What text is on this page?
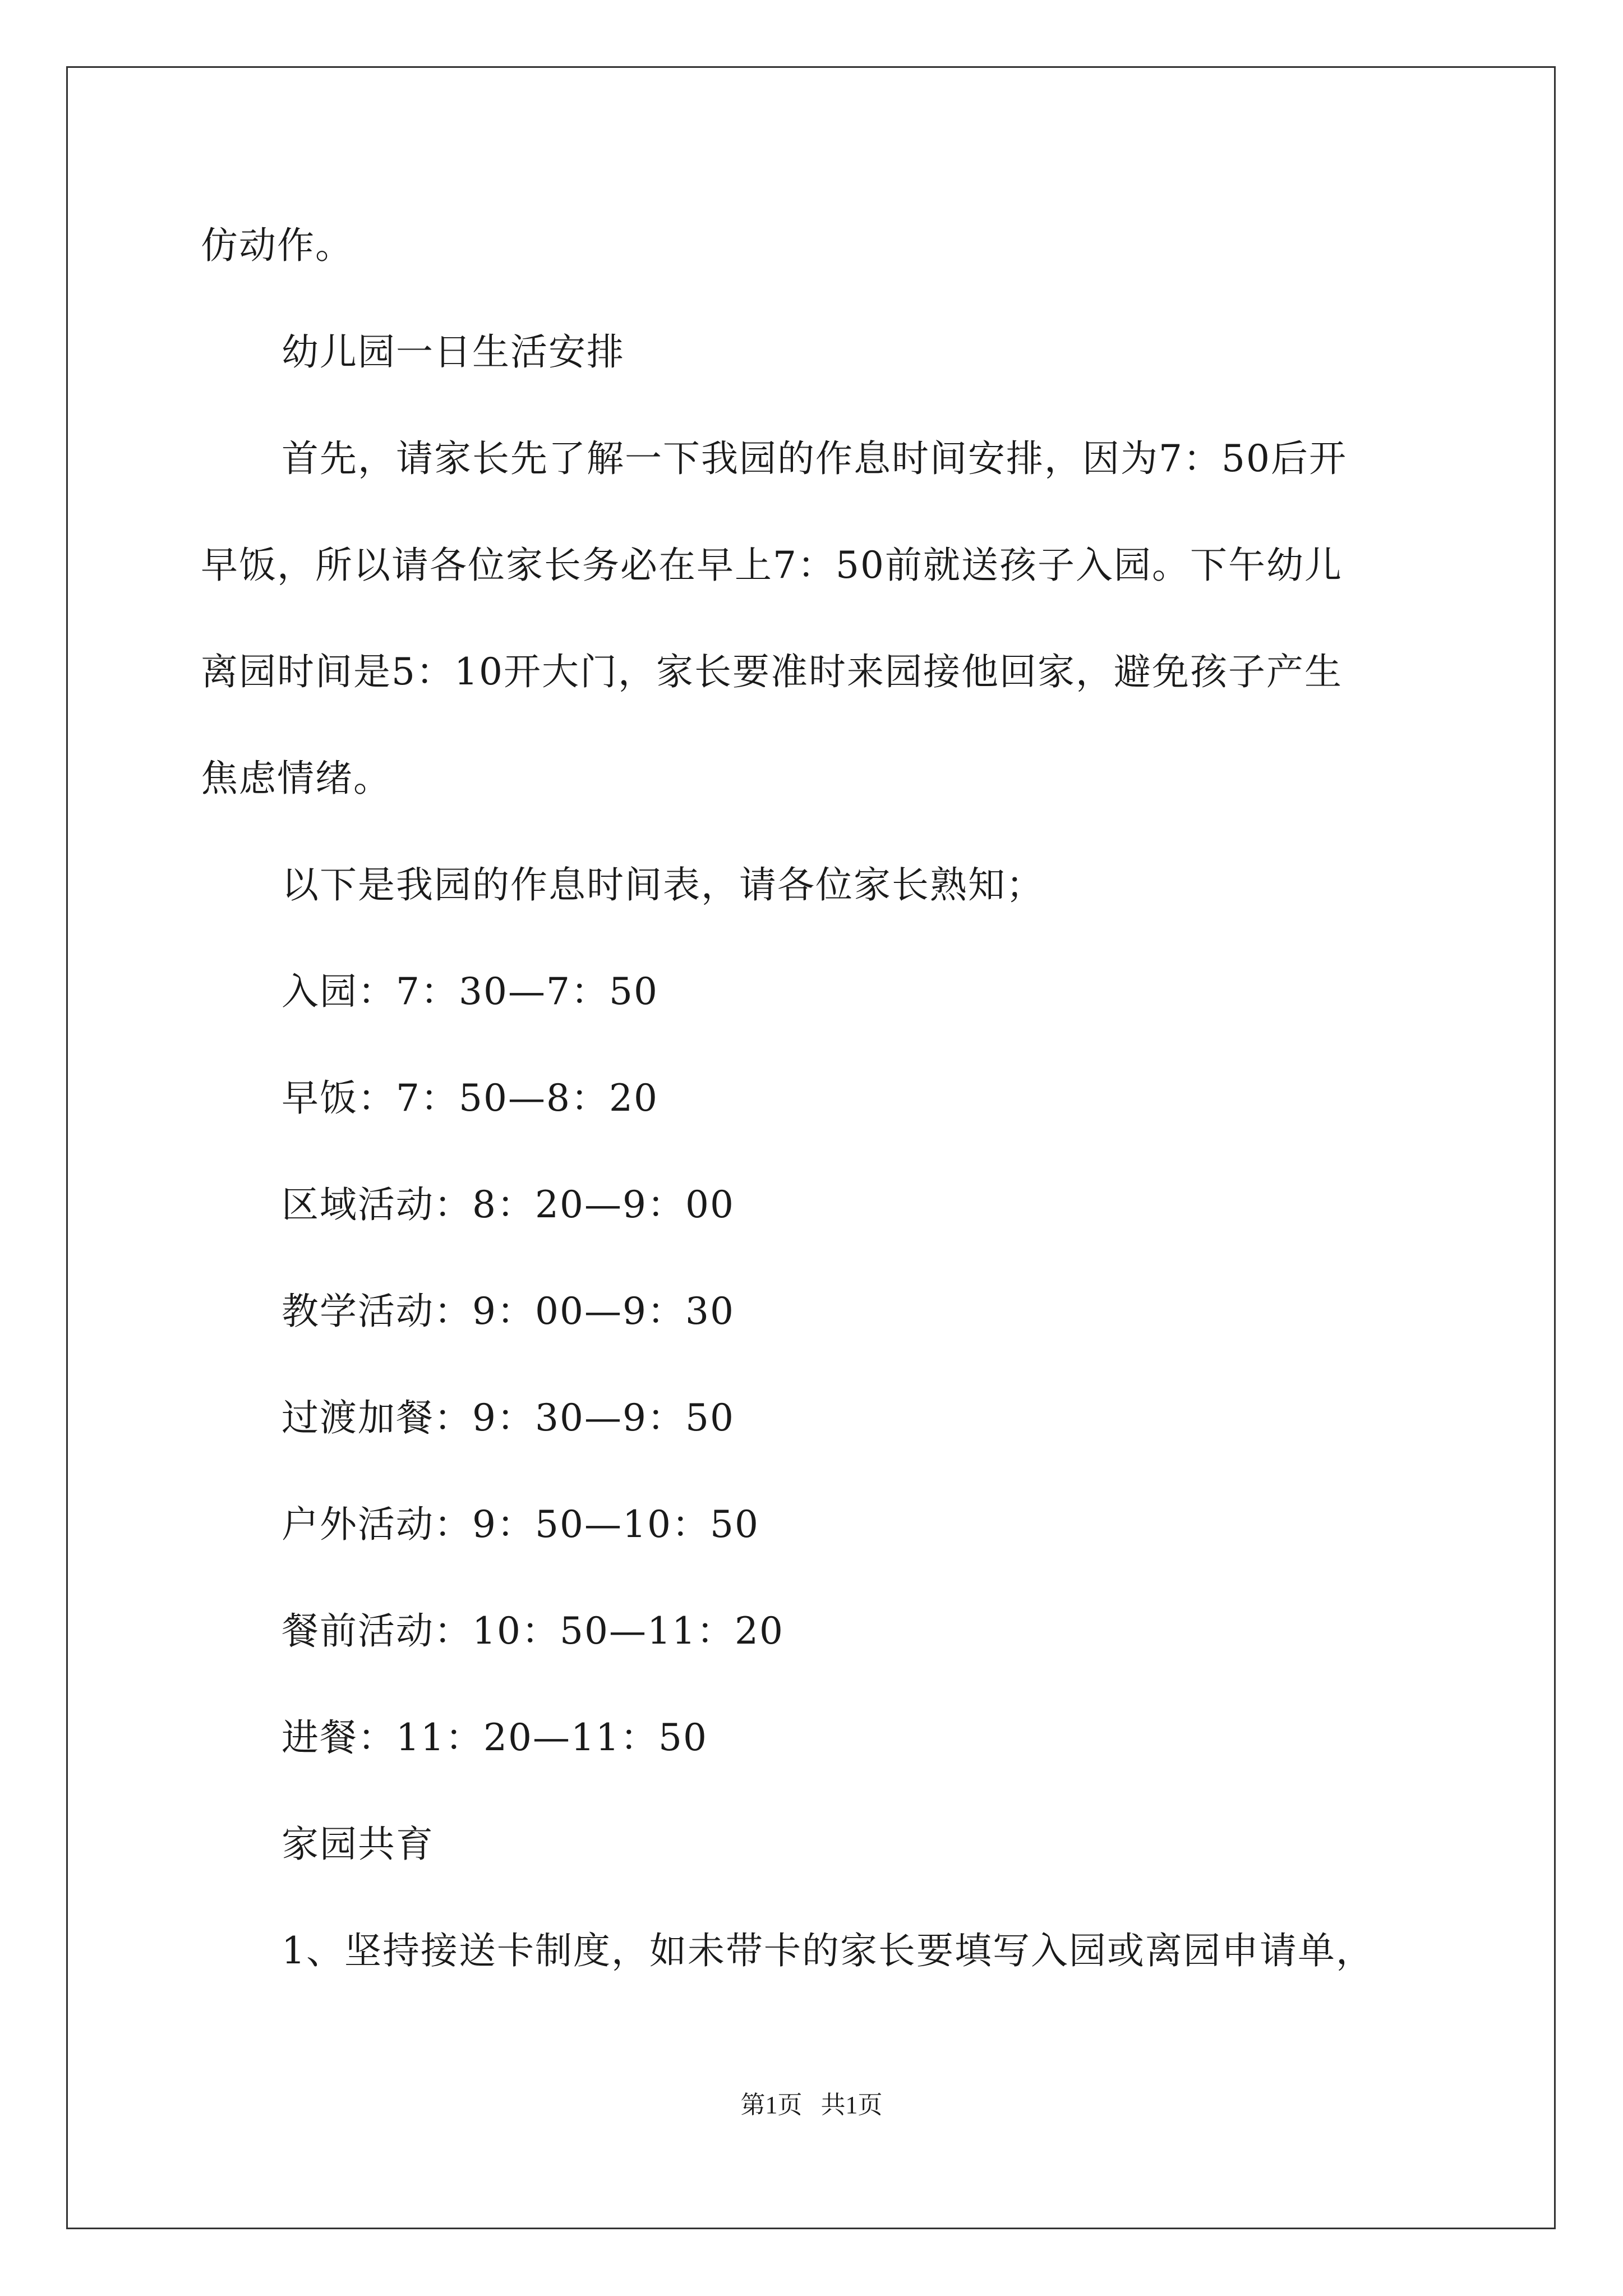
仿动作。
幼儿园一日生活安排
首先，请家长先了解一下我园的作息时间安排，因为7：50后开
早饭，所以请各位家长务必在早上7：50前就送孩子入园。下午幼儿
离园时间是5：10开大门，家长要准时来园接他回家，避免孩子产生
焦虑情绪。
以下是我园的作息时间表，请各位家长熟知；
入园：7：30—7：50
早饭：7：50—8：20
区域活动：8：20—9：00
教学活动：9：00—9：30
过渡加餐：9：30—9：50
户外活动：9：50—10：50
餐前活动：10：50—11：20
进餐：11：20—11：50
家园共育
1、坚持接送卡制度，如未带卡的家长要填写入园或离园申请单，
第1页   共1页
